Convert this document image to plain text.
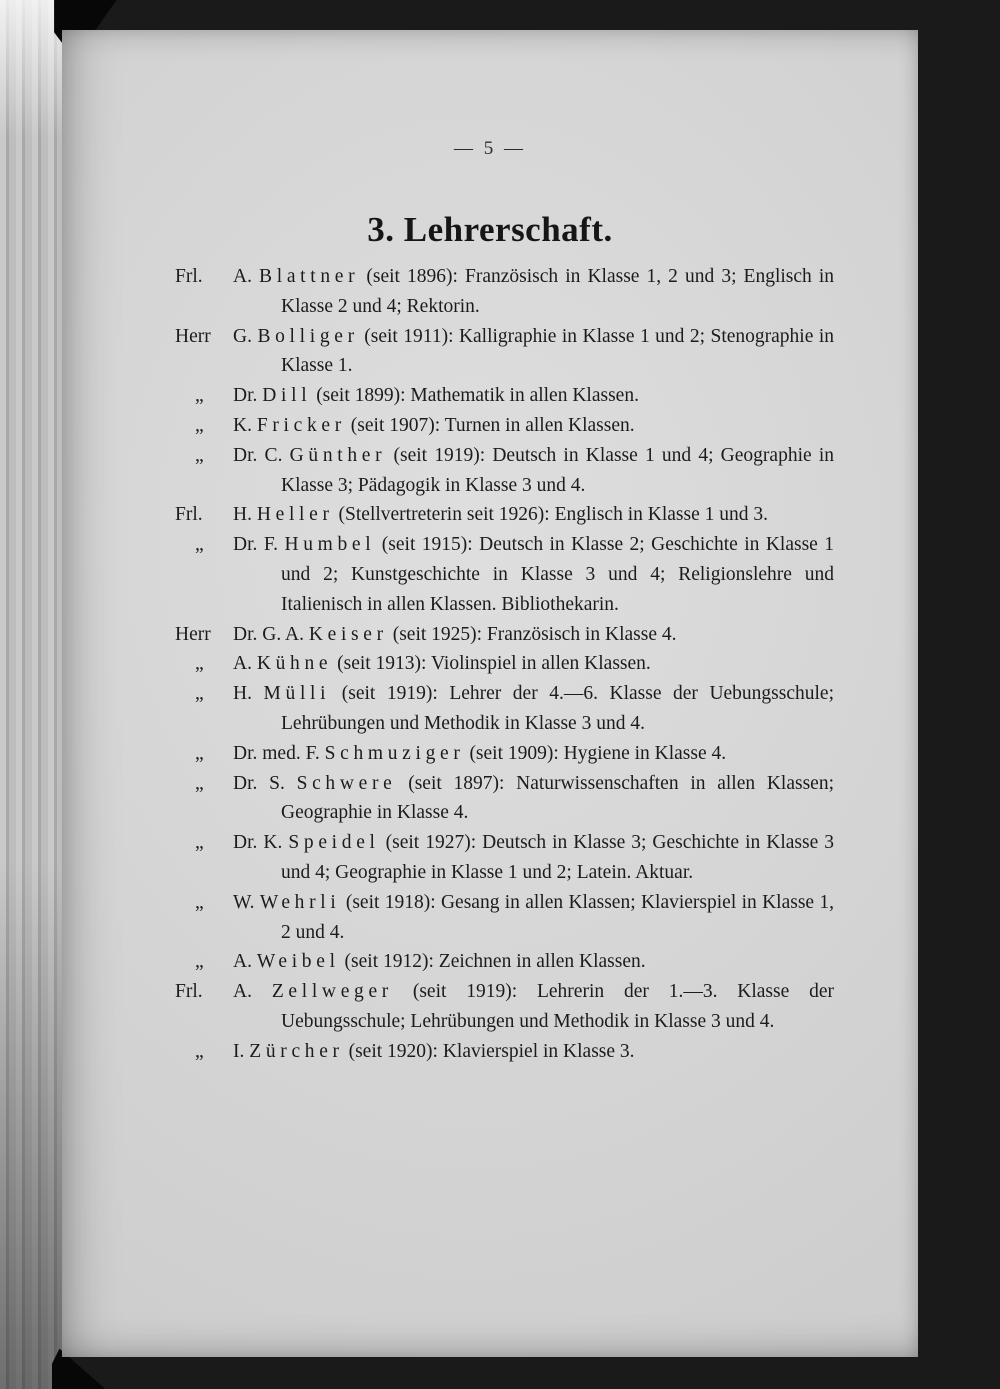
— 5 —

3. Lehrerschaft.
Frl. A. Blattner (seit 1896): Französisch in Klasse 1, 2 und 3; Englisch in Klasse 2 und 4; Rektorin.
Herr G. Bolliger (seit 1911): Kalligraphie in Klasse 1 und 2; Stenographie in Klasse 1.
„ Dr. Dill (seit 1899): Mathematik in allen Klassen.
„ K. Fricker (seit 1907): Turnen in allen Klassen.
„ Dr. C. Günther (seit 1919): Deutsch in Klasse 1 und 4; Geographie in Klasse 3; Pädagogik in Klasse 3 und 4.
Frl. H. Heller (Stellvertreterin seit 1926): Englisch in Klasse 1 und 3.
„ Dr. F. Humbel (seit 1915): Deutsch in Klasse 2; Geschichte in Klasse 1 und 2; Kunstgeschichte in Klasse 3 und 4; Religionslehre und Italienisch in allen Klassen. Bibliothekarin.
Herr Dr. G. A. Keiser (seit 1925): Französisch in Klasse 4.
„ A. Kühne (seit 1913): Violinspiel in allen Klassen.
„ H. Mülli (seit 1919): Lehrer der 4.—6. Klasse der Uebungsschule; Lehrübungen und Methodik in Klasse 3 und 4.
„ Dr. med. F. Schmuziger (seit 1909): Hygiene in Klasse 4.
„ Dr. S. Schwere (seit 1897): Naturwissenschaften in allen Klassen; Geographie in Klasse 4.
„ Dr. K. Speidel (seit 1927): Deutsch in Klasse 3; Geschichte in Klasse 3 und 4; Geographie in Klasse 1 und 2; Latein. Aktuar.
„ W. Wehrli (seit 1918): Gesang in allen Klassen; Klavierspiel in Klasse 1, 2 und 4.
„ A. Weibel (seit 1912): Zeichnen in allen Klassen.
Frl. A. Zellweger (seit 1919): Lehrerin der 1.—3. Klasse der Uebungsschule; Lehrübungen und Methodik in Klasse 3 und 4.
„ I. Zürcher (seit 1920): Klavierspiel in Klasse 3.
